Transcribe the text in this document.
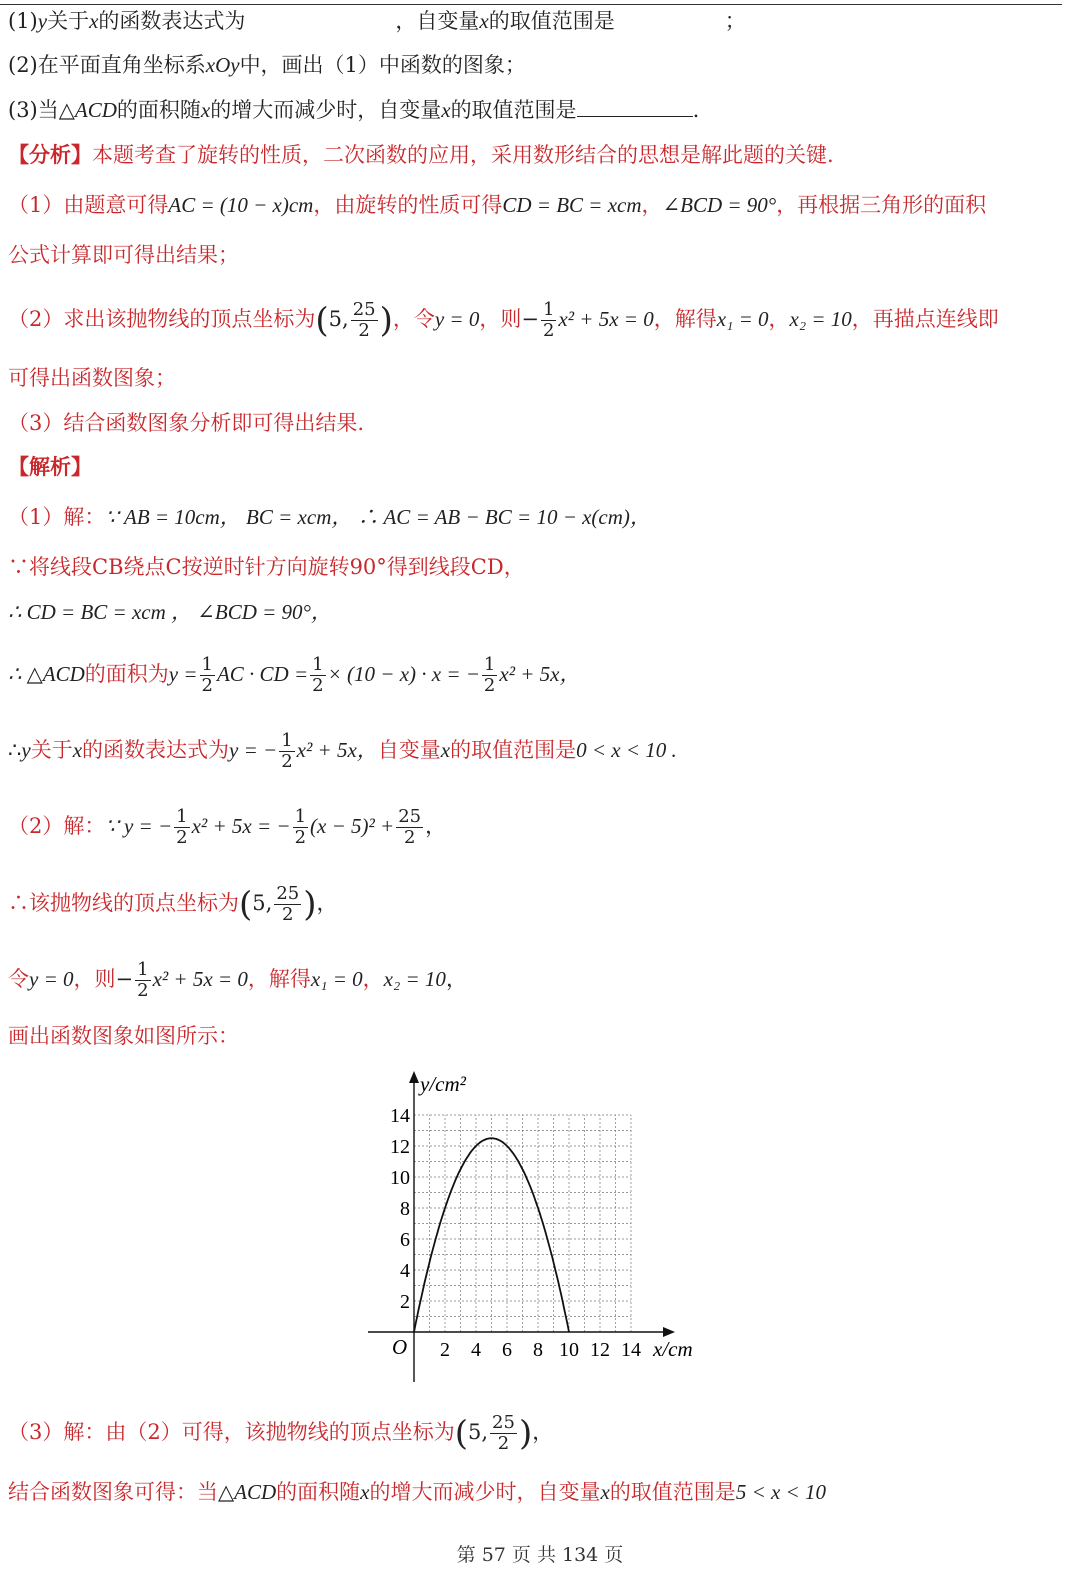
(1)y关于x的函数表达式为	，自变量x的取值范围是	；
(2)在平面直角坐标系xOy中，画出（1）中函数的图象；
(3)当△ACD的面积随x的增大而减少时，自变量x的取值范围是	.
【分析】本题考查了旋转的性质，二次函数的应用，采用数形结合的思想是解此题的关键.
（1）由题意可得AC = (10 − x)cm，由旋转的性质可得CD = BC = xcm，∠BCD = 90°，再根据三角形的面积
公式计算即可得出结果；
（2）求出该抛物线的顶点坐标为(5, $\frac{25}{2}$ )，令y = 0，则− $\frac{1}{2} x^2 + 5x = 0$，解得x₁ = 0，x₂ = 10，再描点连线即
可得出函数图象；
（3）结合函数图象分析即可得出结果.
【解析】
（1）解：∵ AB = 10cm， BC = xcm， ∴ AC = AB − BC = 10 − x(cm)，
∵将线段CB绕点C按逆时针方向旋转90°得到线段CD，
∴ CD = BC = xcm ， ∠BCD = 90°，
∴ △ACD的面积为$y = \frac{1}{2}$ AC · CD = $\frac{1}{2} \times (10 - x) \cdot x$ = − $\frac{1}{2} x^2 + 5x$，
∴y关于x的函数表达式为y = − $\frac{1}{2} x^2 + 5x$，自变量x的取值范围是0 < x < 10 .
（2）解：∵ y = − $\frac{1}{2} x^2 + 5x$ = − $\frac{1}{2} (x - 5)^2 + \frac{25}{2}$ ，
∴该抛物线的顶点坐标为(5, $\frac{25}{2}$ )，
令y = 0，则− $\frac{1}{2} x^2 + 5x = 0$，解得x₁ = 0，x₂ = 10，
画出函数图象如图所示：
2 4 6 8 10 12 14
2
4
6
8
10
12
14
y/cm²
x/cm
O
（3）解：由（2）可得，该抛物线的顶点坐标为(5, $\frac{25}{2}$ )，
结合函数图象可得：当△ACD的面积随x的增大而减少时，自变量x的取值范围是5 < x < 10
第 57 页 共 134 页
